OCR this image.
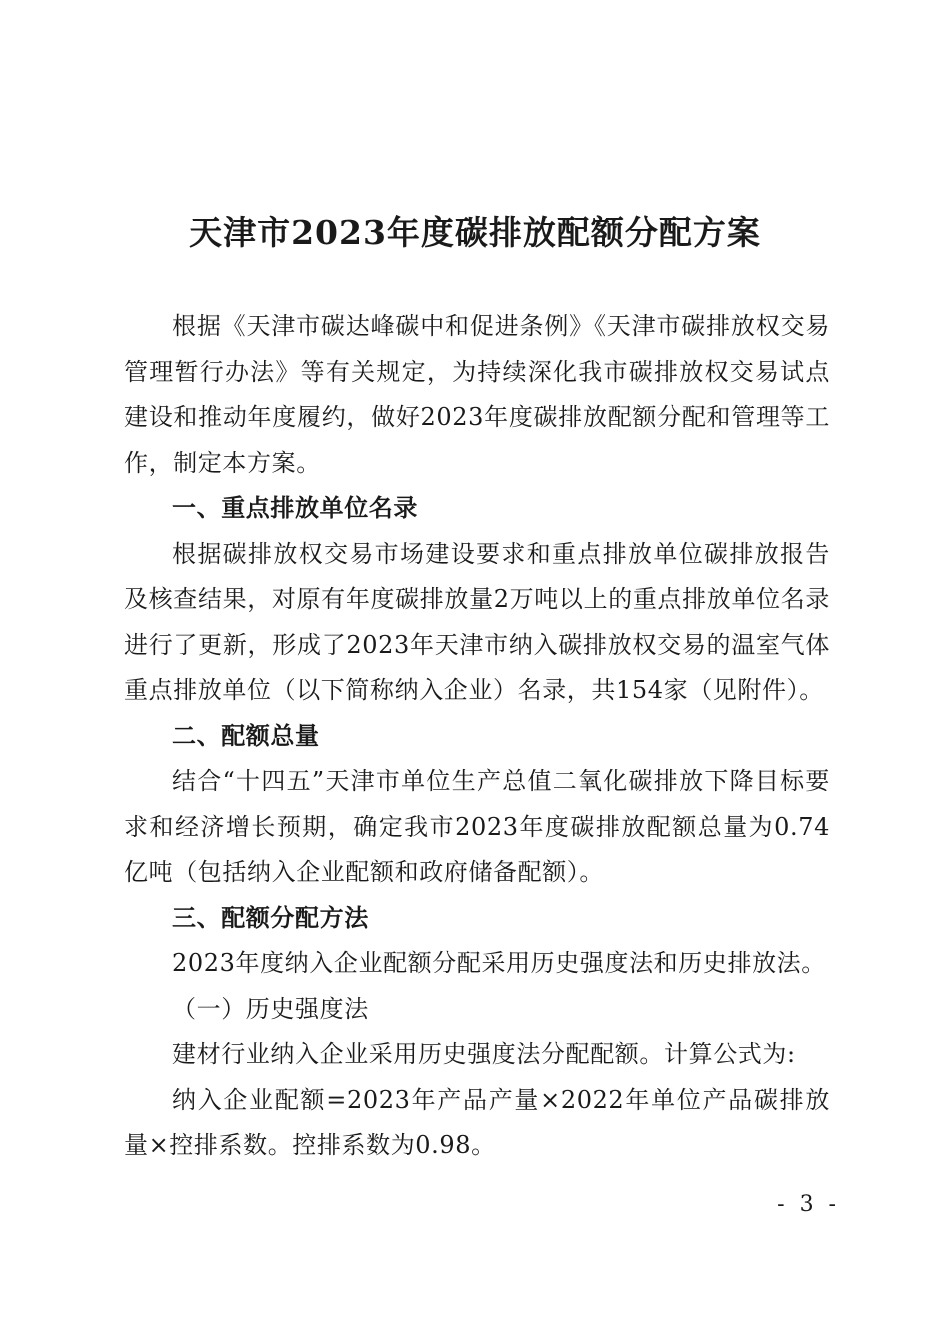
天津市2023年度碳排放配额分配方案

根据《天津市碳达峰碳中和促进条例》《天津市碳排放权交易管理暂行办法》等有关规定，为持续深化我市碳排放权交易试点建设和推动年度履约，做好2023年度碳排放配额分配和管理等工作，制定本方案。

一、重点排放单位名录

根据碳排放权交易市场建设要求和重点排放单位碳排放报告及核查结果，对原有年度碳排放量2万吨以上的重点排放单位名录进行了更新，形成了2023年天津市纳入碳排放权交易的温室气体重点排放单位（以下简称纳入企业）名录，共154家（见附件）。

二、配额总量

结合“十四五”天津市单位生产总值二氧化碳排放下降目标要求和经济增长预期，确定我市2023年度碳排放配额总量为0.74亿吨（包括纳入企业配额和政府储备配额）。

三、配额分配方法

2023年度纳入企业配额分配采用历史强度法和历史排放法。

（一）历史强度法

建材行业纳入企业采用历史强度法分配配额。计算公式为:

纳入企业配额=2023年产品产量×2022年单位产品碳排放量×控排系数。控排系数为0.98。

- 3 -
